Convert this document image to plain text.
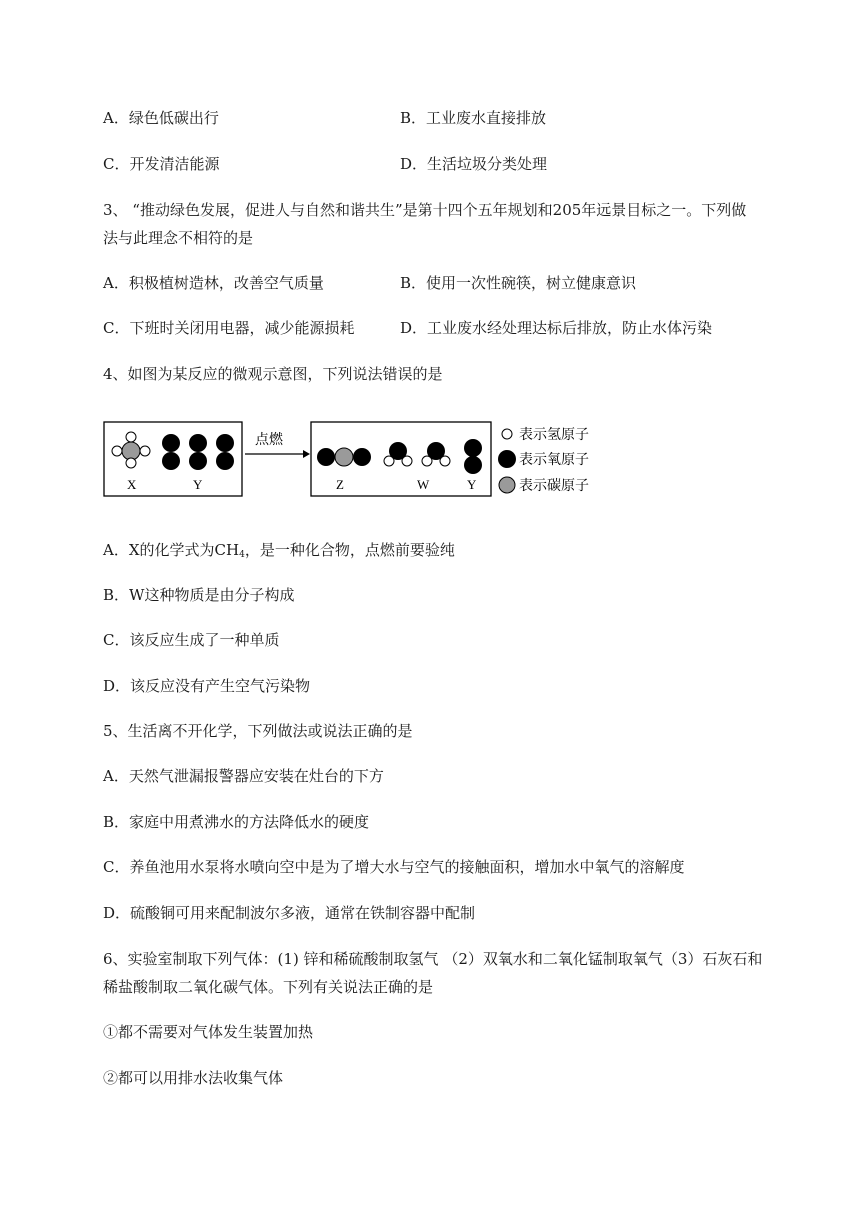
A．绿色低碳出行	B．工业废水直接排放
C．开发清洁能源	D．生活垃圾分类处理
3、 “推动绿色发展，促进人与自然和谐共生”是第十四个五年规划和205年远景目标之一。下列做
法与此理念不相符的是
A．积极植树造林，改善空气质量	B．使用一次性碗筷，树立健康意识
C．下班时关闭用电器，减少能源损耗	D．工业废水经处理达标后排放，防止水体污染
4、如图为某反应的微观示意图，下列说法错误的是
X	Y
点燃
Z	W	Y
表示氢原子
表示氧原子
表示碳原子
A．X的化学式为$CH_4$，是一种化合物，点燃前要验纯
B．W这种物质是由分子构成
C．该反应生成了一种单质
D．该反应没有产生空气污染物
5、生活离不开化学，下列做法或说法正确的是
A．天然气泄漏报警器应安装在灶台的下方
B．家庭中用煮沸水的方法降低水的硬度
C．养鱼池用水泵将水喷向空中是为了增大水与空气的接触面积，增加水中氧气的溶解度
D．硫酸铜可用来配制波尔多液，通常在铁制容器中配制
6、实验室制取下列气体：(1) 锌和稀硫酸制取氢气 （2）双氧水和二氧化锰制取氧气（3）石灰石和
稀盐酸制取二氧化碳气体。下列有关说法正确的是
①都不需要对气体发生装置加热
②都可以用排水法收集气体
